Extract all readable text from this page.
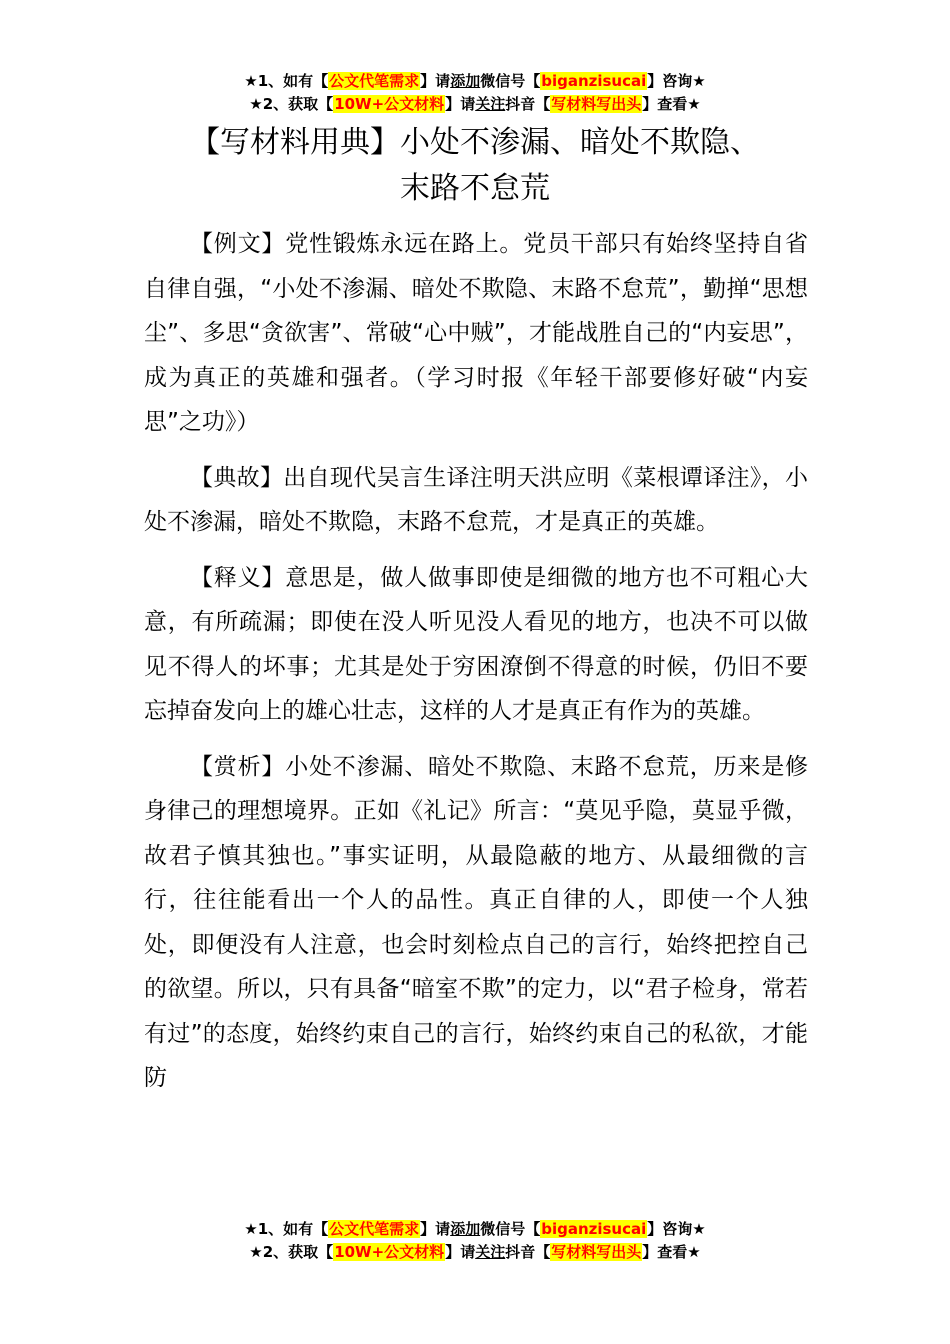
★1、如有【公文代笔需求】请添加微信号【biganzisucai】咨询★
★2、获取【10W+公文材料】请关注抖音【写材料写出头】查看★
【写材料用典】小处不渗漏、暗处不欺隐、
末路不怠荒

【例文】党性锻炼永远在路上。党员干部只有始终坚持自省自律自强，“小处不渗漏、暗处不欺隐、末路不怠荒”，勤掸“思想尘”、多思“贪欲害”、常破“心中贼”，才能战胜自己的“内妄思”，成为真正的英雄和强者。（学习时报《年轻干部要修好破“内妄思”之功》）

【典故】出自现代吴言生译注明天洪应明《菜根谭译注》，小处不渗漏，暗处不欺隐，末路不怠荒，才是真正的英雄。

【释义】意思是，做人做事即使是细微的地方也不可粗心大意，有所疏漏；即使在没人听见没人看见的地方，也决不可以做见不得人的坏事；尤其是处于穷困潦倒不得意的时候，仍旧不要忘掉奋发向上的雄心壮志，这样的人才是真正有作为的英雄。

【赏析】小处不渗漏、暗处不欺隐、末路不怠荒，历来是修身律己的理想境界。正如《礼记》所言：“莫见乎隐，莫显乎微，故君子慎其独也。”事实证明，从最隐蔽的地方、从最细微的言行，往往能看出一个人的品性。真正自律的人，即使一个人独处，即便没有人注意，也会时刻检点自己的言行，始终把控自己的欲望。所以，只有具备“暗室不欺”的定力，以“君子检身，常若有过”的态度，始终约束自己的言行，始终约束自己的私欲，才能防

★1、如有【公文代笔需求】请添加微信号【biganzisucai】咨询★
★2、获取【10W+公文材料】请关注抖音【写材料写出头】查看★
